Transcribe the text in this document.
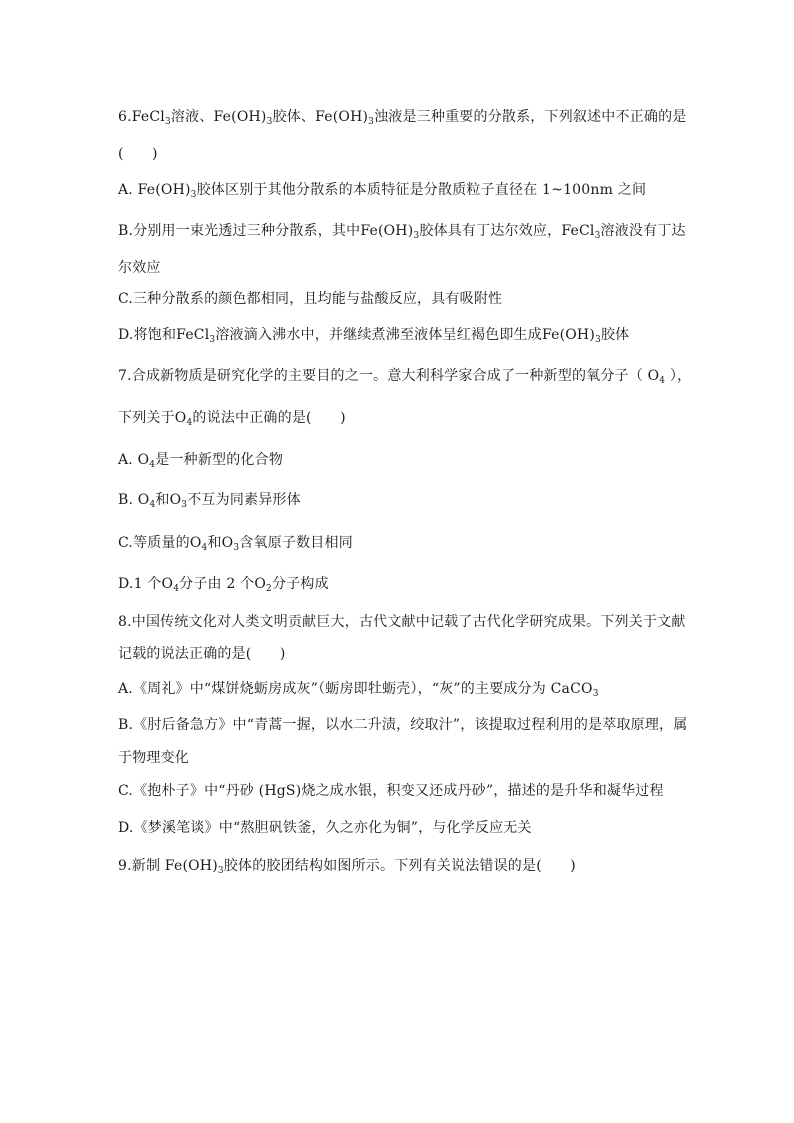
6.FeCl$_3$溶液、$Fe(OH)_3$胶体、$Fe(OH)_3$浊液是三种重要的分散系，下列叙述中不正确的是
(　　)
A. $Fe(OH)_3$胶体区别于其他分散系的本质特征是分散质粒子直径在 1~100nm 之间
B.分别用一束光透过三种分散系，其中$Fe(OH)_3$胶体具有丁达尔效应，FeCl$_3$溶液没有丁达
尔效应
C.三种分散系的颜色都相同，且均能与盐酸反应，具有吸附性
D.将饱和FeCl$_3$溶液滴入沸水中，并继续煮沸至液体呈红褐色即生成$Fe(OH)_3$胶体
7.合成新物质是研究化学的主要目的之一。意大利科学家合成了一种新型的氧分子（ $O_4$ ），
下列关于$O_4$的说法中正确的是(　　)
A. $O_4$是一种新型的化合物
B. $O_4$和$O_3$不互为同素异形体
C.等质量的$O_4$和$O_3$含氧原子数目相同
D.1 个$O_4$分子由 2 个$O_2$分子构成
8.中国传统文化对人类文明贡献巨大，古代文献中记载了古代化学研究成果。下列关于文献
记载的说法正确的是(　　)
A.《周礼》中“煤饼烧蛎房成灰”（蛎房即牡蛎壳），“灰”的主要成分为 CaCO$_3$
B.《肘后备急方》中“青蒿一握，以水二升渍，绞取汁”，该提取过程利用的是萃取原理，属
于物理变化
C.《抱朴子》中“丹砂 (HgS)烧之成水银，积变又还成丹砂”，描述的是升华和凝华过程
D.《梦溪笔谈》中“熬胆矾铁釜，久之亦化为铜”，与化学反应无关
9.新制 $Fe(OH)_3$胶体的胶团结构如图所示。下列有关说法错误的是(　　)
